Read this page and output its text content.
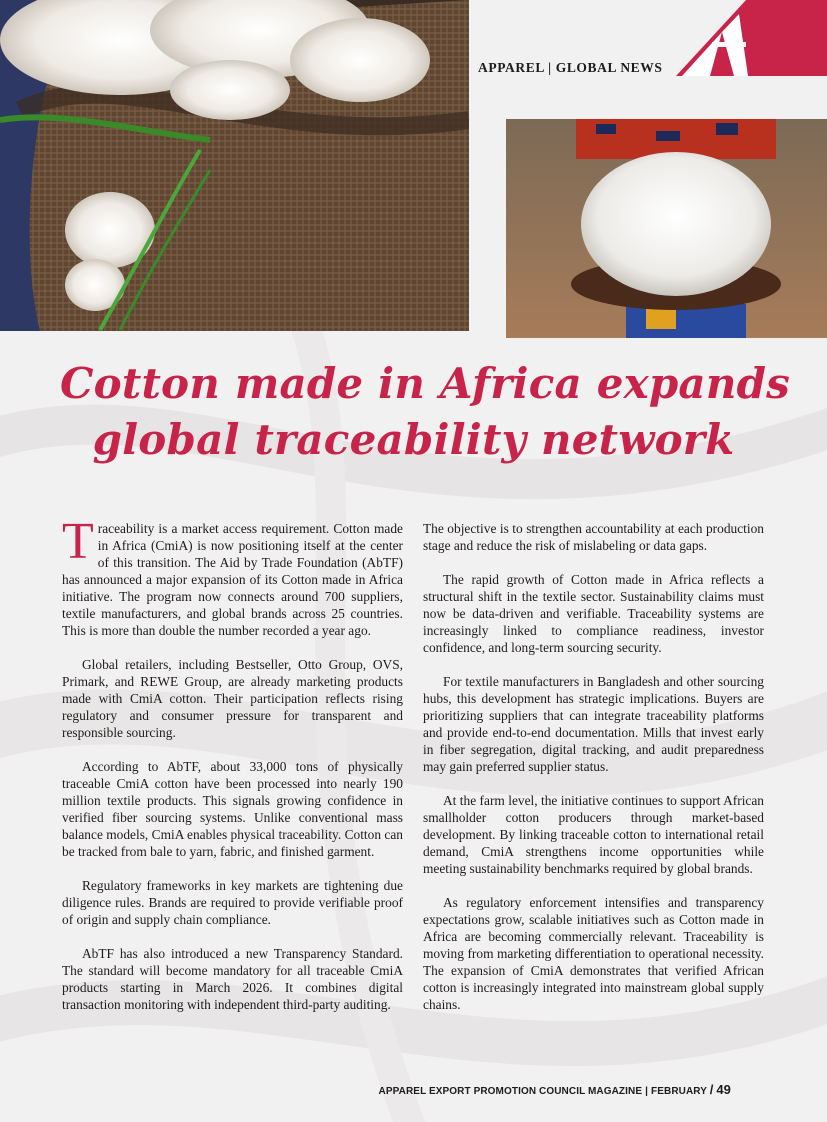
APPAREL | GLOBAL NEWS
Cotton made in Africa expands
global traceability network

Traceability is a market access requirement. Cotton made in Africa (CmiA) is now positioning itself at the center of this transition. The Aid by Trade Foundation (AbTF) has announced a major expansion of its Cotton made in Africa initiative. The program now connects around 700 suppliers, textile manufacturers, and global brands across 25 countries. This is more than double the number recorded a year ago.

Global retailers, including Bestseller, Otto Group, OVS, Primark, and REWE Group, are already marketing products made with CmiA cotton. Their participation reflects rising regulatory and consumer pressure for transparent and responsible sourcing.

According to AbTF, about 33,000 tons of physically traceable CmiA cotton have been processed into nearly 190 million textile products. This signals growing confidence in verified fiber sourcing systems. Unlike conventional mass balance models, CmiA enables physical traceability. Cotton can be tracked from bale to yarn, fabric, and finished garment.

Regulatory frameworks in key markets are tightening due diligence rules. Brands are required to provide verifiable proof of origin and supply chain compliance.

AbTF has also introduced a new Transparency Standard. The standard will become mandatory for all traceable CmiA products starting in March 2026. It combines digital transaction monitoring with independent third-party auditing.

The objective is to strengthen accountability at each production stage and reduce the risk of mislabeling or data gaps.

The rapid growth of Cotton made in Africa reflects a structural shift in the textile sector. Sustainability claims must now be data-driven and verifiable. Traceability systems are increasingly linked to compliance readiness, investor confidence, and long-term sourcing security.

For textile manufacturers in Bangladesh and other sourcing hubs, this development has strategic implications. Buyers are prioritizing suppliers that can integrate traceability platforms and provide end-to-end documentation. Mills that invest early in fiber segregation, digital tracking, and audit preparedness may gain preferred supplier status.

At the farm level, the initiative continues to support African smallholder cotton producers through market-based development. By linking traceable cotton to international retail demand, CmiA strengthens income opportunities while meeting sustainability benchmarks required by global brands.

As regulatory enforcement intensifies and transparency expectations grow, scalable initiatives such as Cotton made in Africa are becoming commercially relevant. Traceability is moving from marketing differentiation to operational necessity. The expansion of CmiA demonstrates that verified African cotton is increasingly integrated into mainstream global supply chains.

APPAREL EXPORT PROMOTION COUNCIL MAGAZINE | FEBRUARY / 49
